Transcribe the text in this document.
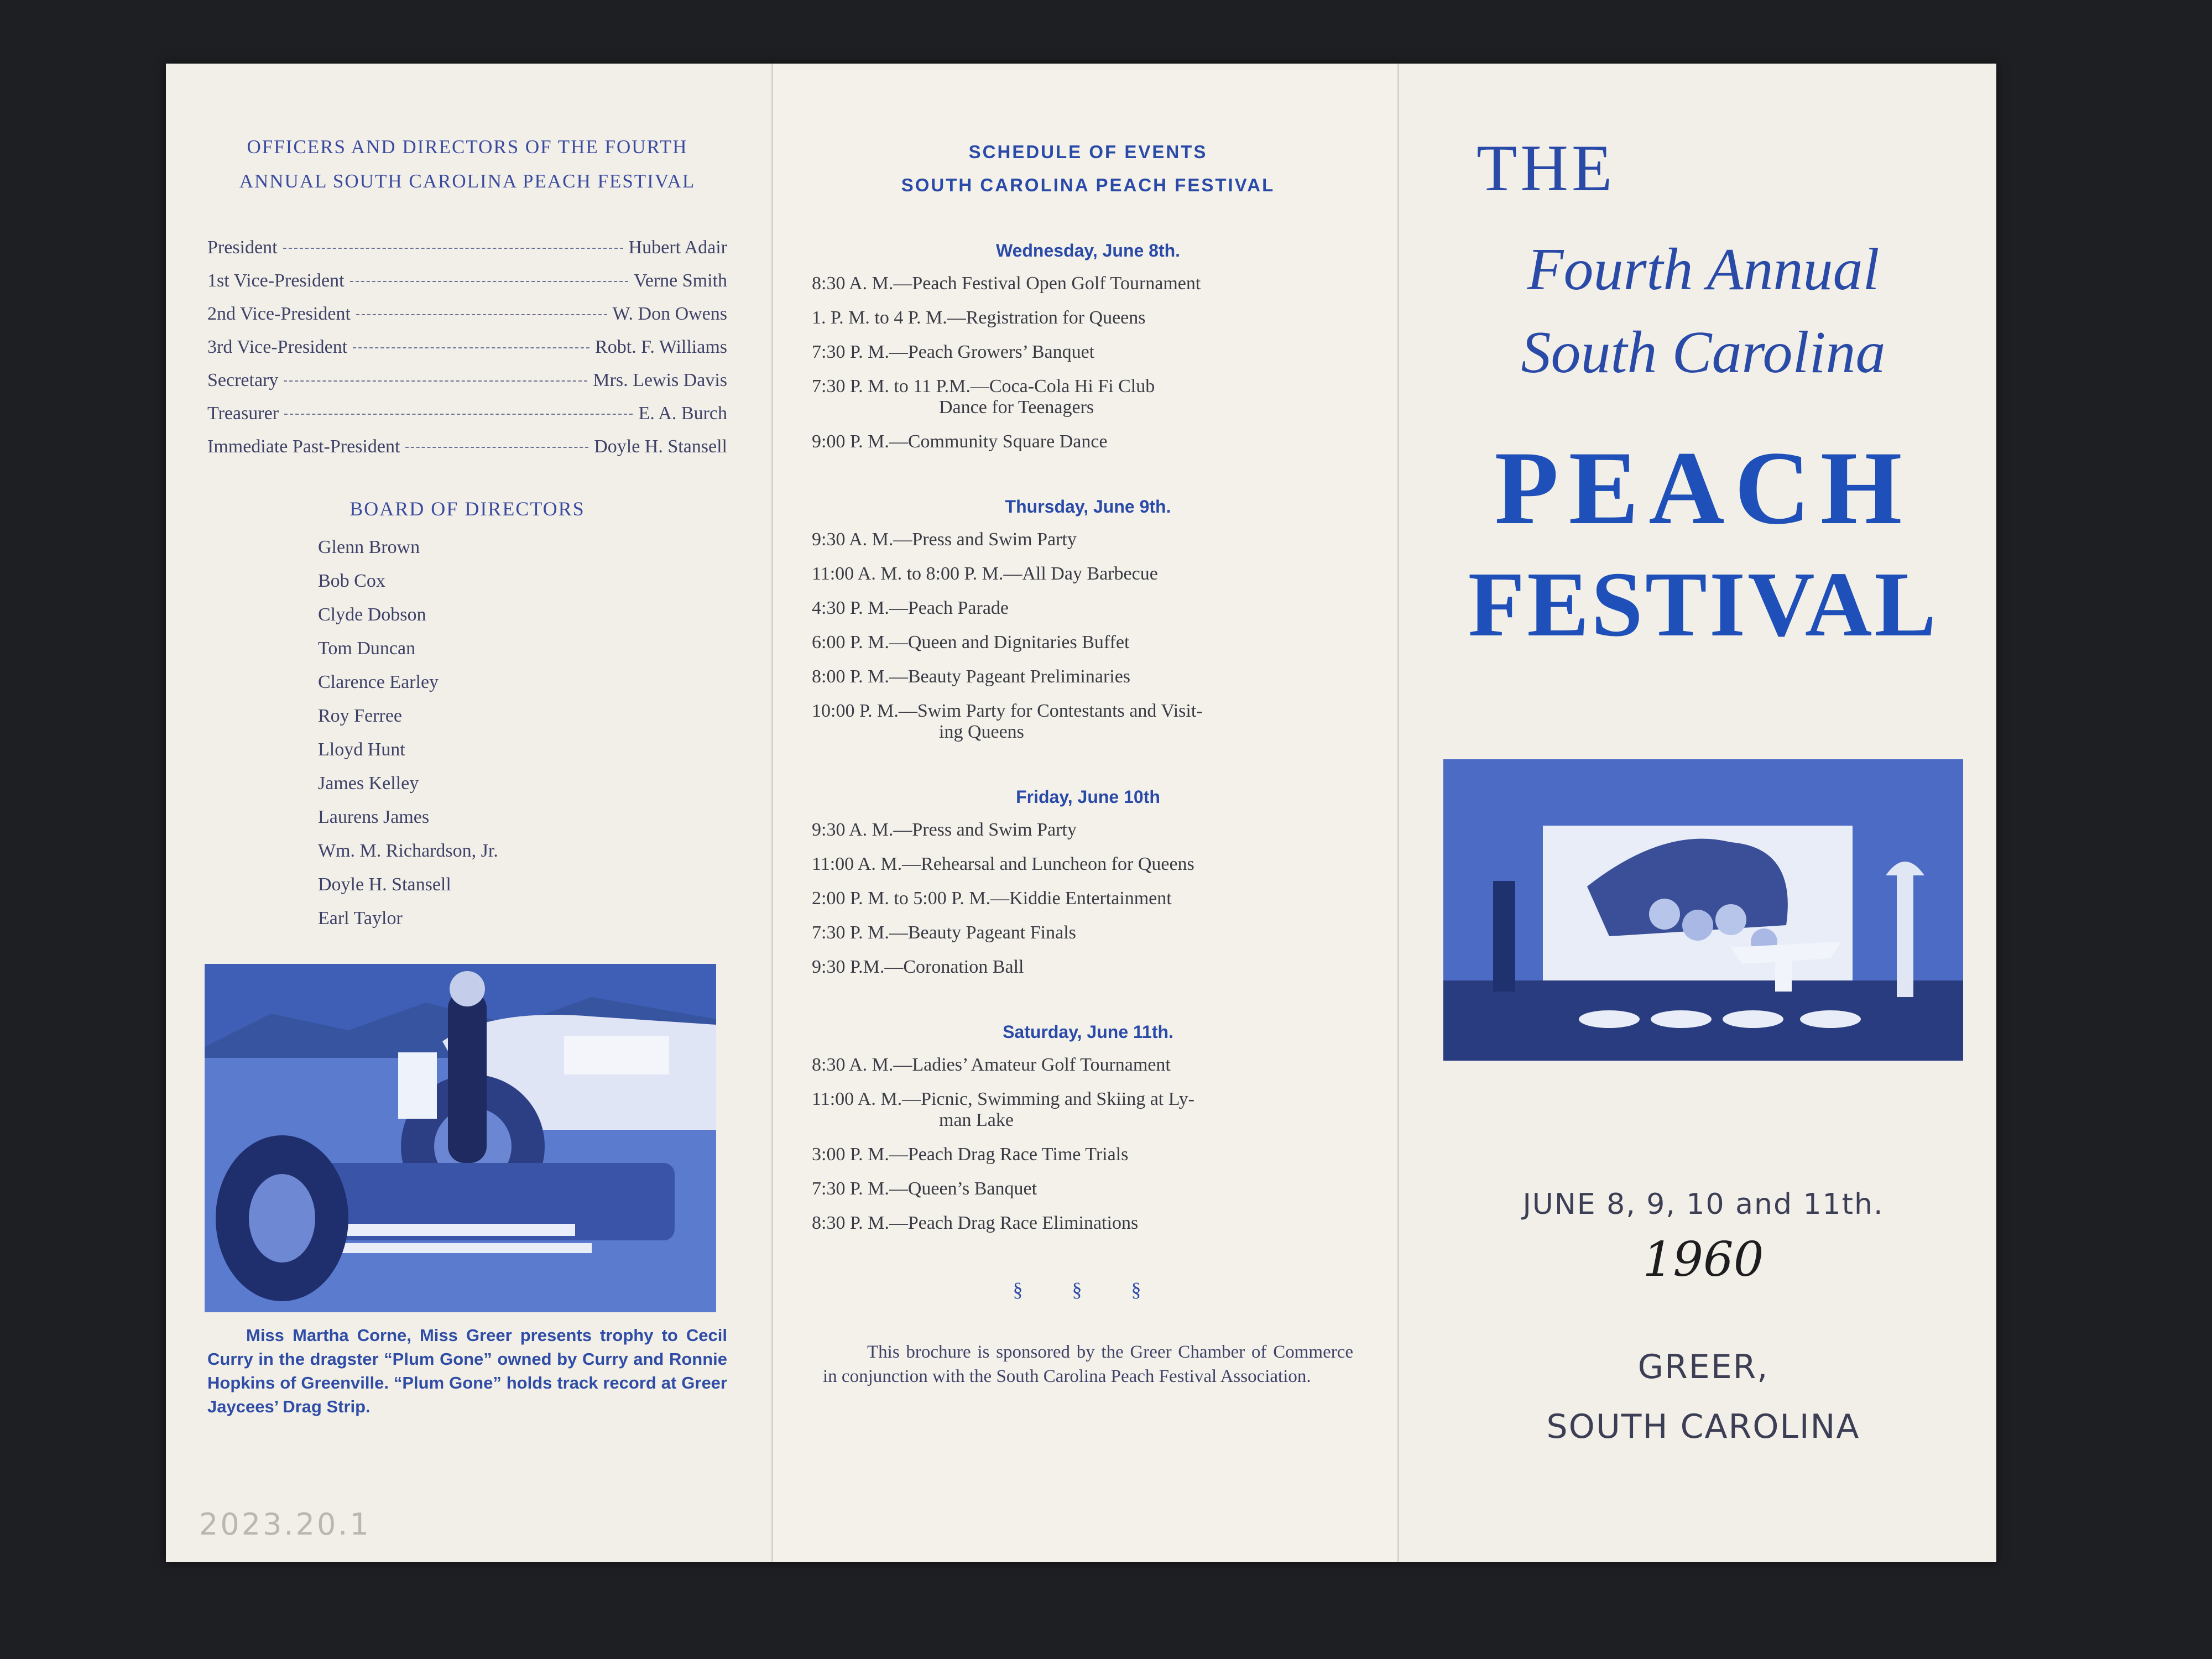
OFFICERS AND DIRECTORS OF THE FOURTH
ANNUAL SOUTH CAROLINA PEACH FESTIVAL
President	Hubert Adair
1st Vice-President	Verne Smith
2nd Vice-President	W. Don Owens
3rd Vice-President	Robt. F. Williams
Secretary	Mrs. Lewis Davis
Treasurer	E. A. Burch
Immediate Past-President	Doyle H. Stansell
BOARD OF DIRECTORS
Glenn Brown
Bob Cox
Clyde Dobson
Tom Duncan
Clarence Earley
Roy Ferree
Lloyd Hunt
James Kelley
Laurens James
Wm. M. Richardson, Jr.
Doyle H. Stansell
Earl Taylor
Miss Martha Corne, Miss Greer presents trophy to Cecil Curry in the dragster “Plum Gone” owned by Curry and Ronnie Hopkins of Greenville. “Plum Gone” holds track record at Greer Jaycees’ Drag Strip.
2023.20.1
SCHEDULE OF EVENTS
SOUTH CAROLINA PEACH FESTIVAL
Wednesday, June 8th.
8:30 A. M.—Peach Festival Open Golf Tournament
1. P. M. to 4 P. M.—Registration for Queens
7:30 P. M.—Peach Growers’ Banquet
7:30 P. M. to 11 P.M.—Coca-Cola Hi Fi Club
Dance for Teenagers
9:00 P. M.—Community Square Dance
Thursday, June 9th.
9:30 A. M.—Press and Swim Party
11:00 A. M. to 8:00 P. M.—All Day Barbecue
4:30 P. M.—Peach Parade
6:00 P. M.—Queen and Dignitaries Buffet
8:00 P. M.—Beauty Pageant Preliminaries
10:00 P. M.—Swim Party for Contestants and Visit-
ing Queens
Friday, June 10th
9:30 A. M.—Press and Swim Party
11:00 A. M.—Rehearsal and Luncheon for Queens
2:00 P. M. to 5:00 P. M.—Kiddie Entertainment
7:30 P. M.—Beauty Pageant Finals
9:30 P.M.—Coronation Ball
Saturday, June 11th.
8:30 A. M.—Ladies’ Amateur Golf Tournament
11:00 A. M.—Picnic, Swimming and Skiing at Ly-
man Lake
3:00 P. M.—Peach Drag Race Time Trials
7:30 P. M.—Queen’s Banquet
8:30 P. M.—Peach Drag Race Eliminations
§ § §
This brochure is sponsored by the Greer Chamber of Commerce in conjunction with the South Carolina Peach Festival Association.
THE
Fourth Annual
South Carolina
PEACH
FESTIVAL
JUNE 8, 9, 10 and 11th.
1960
GREER,
SOUTH CAROLINA
